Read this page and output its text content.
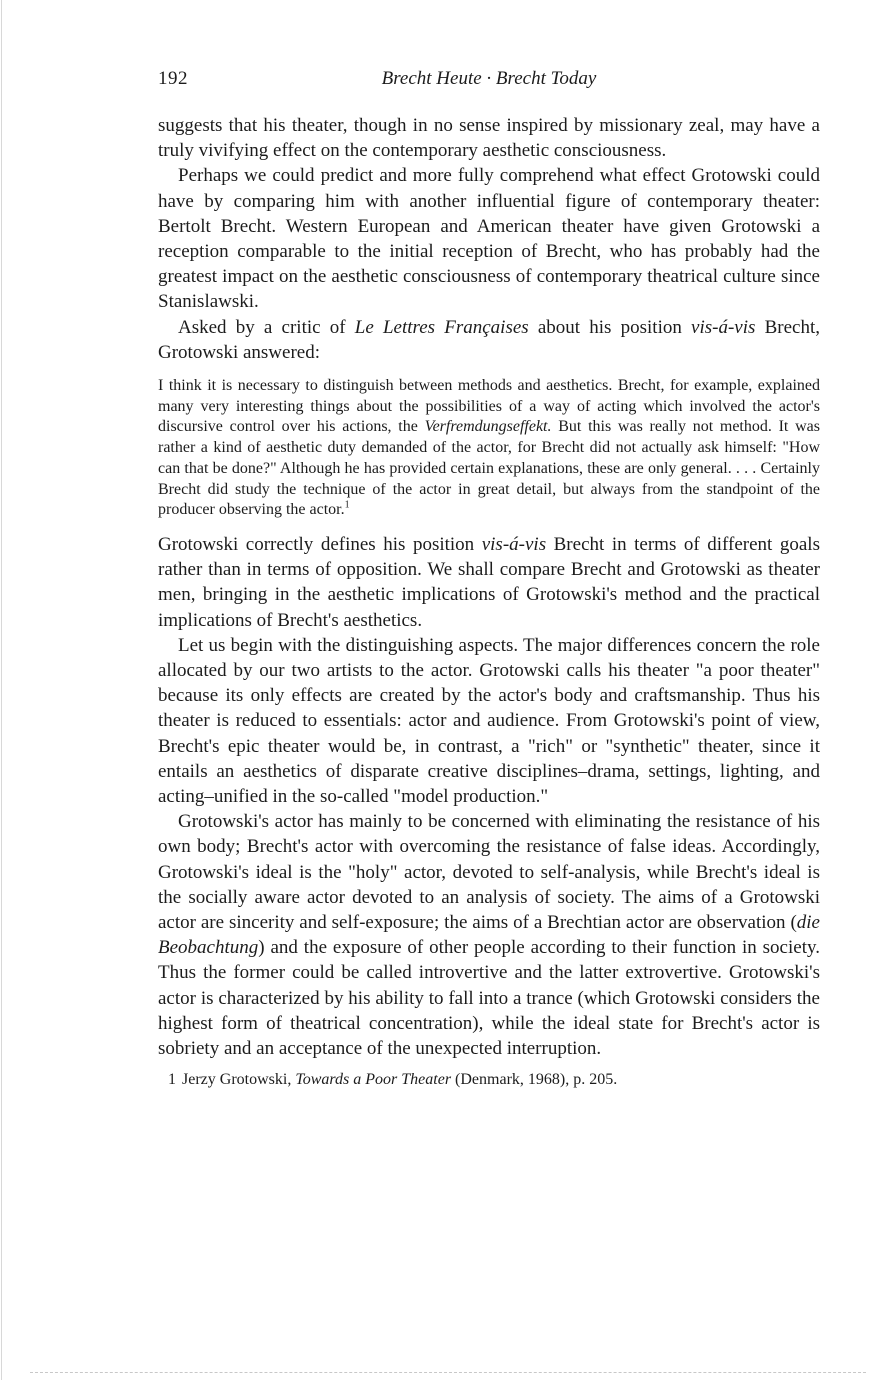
192	Brecht Heute · Brecht Today

suggests that his theater, though in no sense inspired by missionary zeal, may have a truly vivifying effect on the contemporary aesthetic consciousness.

Perhaps we could predict and more fully comprehend what effect Grotowski could have by comparing him with another influential figure of contemporary theater: Bertolt Brecht. Western European and American theater have given Grotowski a reception comparable to the initial reception of Brecht, who has probably had the greatest impact on the aesthetic consciousness of contemporary theatrical culture since Stanislawski.

Asked by a critic of Le Lettres Françaises about his position vis-á-vis Brecht, Grotowski answered:

I think it is necessary to distinguish between methods and aesthetics. Brecht, for example, explained many very interesting things about the possibilities of a way of acting which involved the actor's discursive control over his actions, the Verfremdungseffekt. But this was really not method. It was rather a kind of aesthetic duty demanded of the actor, for Brecht did not actually ask himself: "How can that be done?" Although he has provided certain explanations, these are only general. . . . Certainly Brecht did study the technique of the actor in great detail, but always from the standpoint of the producer observing the actor.$^1$

Grotowski correctly defines his position vis-á-vis Brecht in terms of different goals rather than in terms of opposition. We shall compare Brecht and Grotowski as theater men, bringing in the aesthetic implications of Grotowski's method and the practical implications of Brecht's aesthetics.

Let us begin with the distinguishing aspects. The major differences concern the role allocated by our two artists to the actor. Grotowski calls his theater "a poor theater" because its only effects are created by the actor's body and craftsmanship. Thus his theater is reduced to essentials: actor and audience. From Grotowski's point of view, Brecht's epic theater would be, in contrast, a "rich" or "synthetic" theater, since it entails an aesthetics of disparate creative disciplines–drama, settings, lighting, and acting–unified in the so-called "model production."

Grotowski's actor has mainly to be concerned with eliminating the resistance of his own body; Brecht's actor with overcoming the resistance of false ideas. Accordingly, Grotowski's ideal is the "holy" actor, devoted to self-analysis, while Brecht's ideal is the socially aware actor devoted to an analysis of society. The aims of a Grotowski actor are sincerity and self-exposure; the aims of a Brechtian actor are observation (die Beobachtung) and the exposure of other people according to their function in society. Thus the former could be called introvertive and the latter extrovertive. Grotowski's actor is characterized by his ability to fall into a trance (which Grotowski considers the highest form of theatrical concentration), while the ideal state for Brecht's actor is sobriety and an acceptance of the unexpected interruption.

1 Jerzy Grotowski, Towards a Poor Theater (Denmark, 1968), p. 205.
